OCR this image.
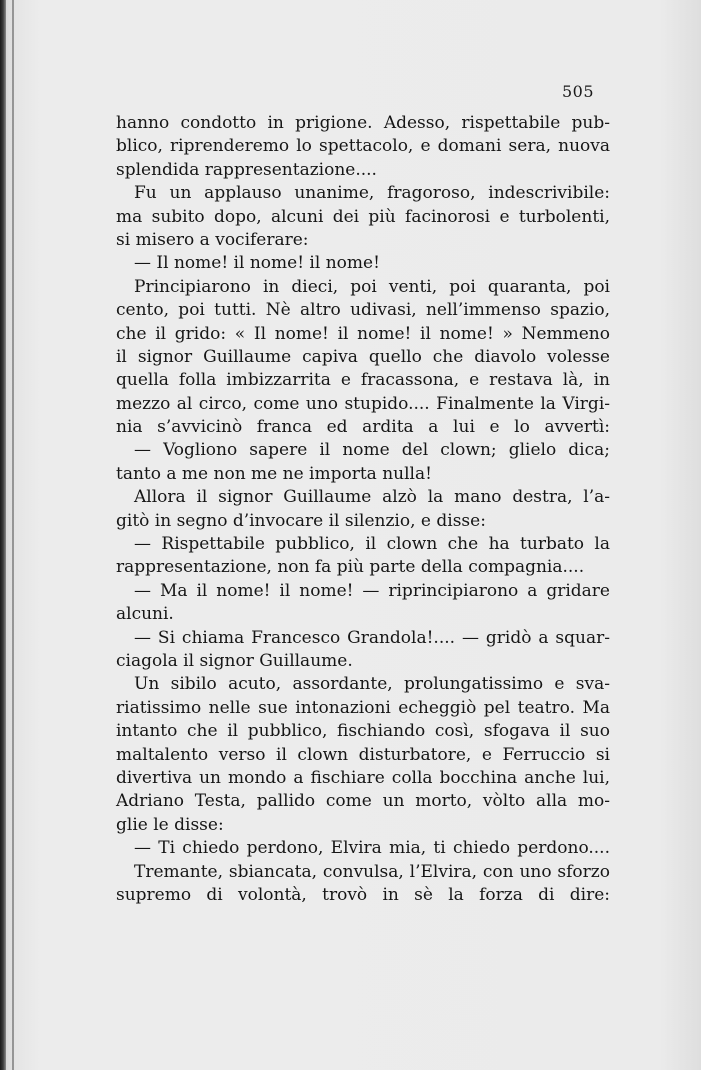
505
hanno condotto in prigione. Adesso, rispettabile pub-
blico, riprenderemo lo spettacolo, e domani sera, nuova
splendida rappresentazione....
Fu un applauso unanime, fragoroso, indescrivibile:
ma subito dopo, alcuni dei più facinorosi e turbolenti,
si misero a vociferare:
— Il nome! il nome! il nome!
Principiarono in dieci, poi venti, poi quaranta, poi
cento, poi tutti. Nè altro udivasi, nell’immenso spazio,
che il grido: « Il nome! il nome! il nome! » Nemmeno
il signor Guillaume capiva quello che diavolo volesse
quella folla imbizzarrita e fracassona, e restava là, in
mezzo al circo, come uno stupido.... Finalmente la Virgi-
nia s’avvicinò franca ed ardita a lui e lo avvertì:
— Vogliono sapere il nome del clown; glielo dica;
tanto a me non me ne importa nulla!
Allora il signor Guillaume alzò la mano destra, l’a-
gitò in segno d’invocare il silenzio, e disse:
— Rispettabile pubblico, il clown che ha turbato la
rappresentazione, non fa più parte della compagnia....
— Ma il nome! il nome! — riprincipiarono a gridare
alcuni.
— Si chiama Francesco Grandola!.... — gridò a squar-
ciagola il signor Guillaume.
Un sibilo acuto, assordante, prolungatissimo e sva-
riatissimo nelle sue intonazioni echeggiò pel teatro. Ma
intanto che il pubblico, fischiando così, sfogava il suo
maltalento verso il clown disturbatore, e Ferruccio si
divertiva un mondo a fischiare colla bocchina anche lui,
Adriano Testa, pallido come un morto, vòlto alla mo-
glie le disse:
— Ti chiedo perdono, Elvira mia, ti chiedo perdono....
Tremante, sbiancata, convulsa, l’Elvira, con uno sforzo
supremo di volontà, trovò in sè la forza di dire:
